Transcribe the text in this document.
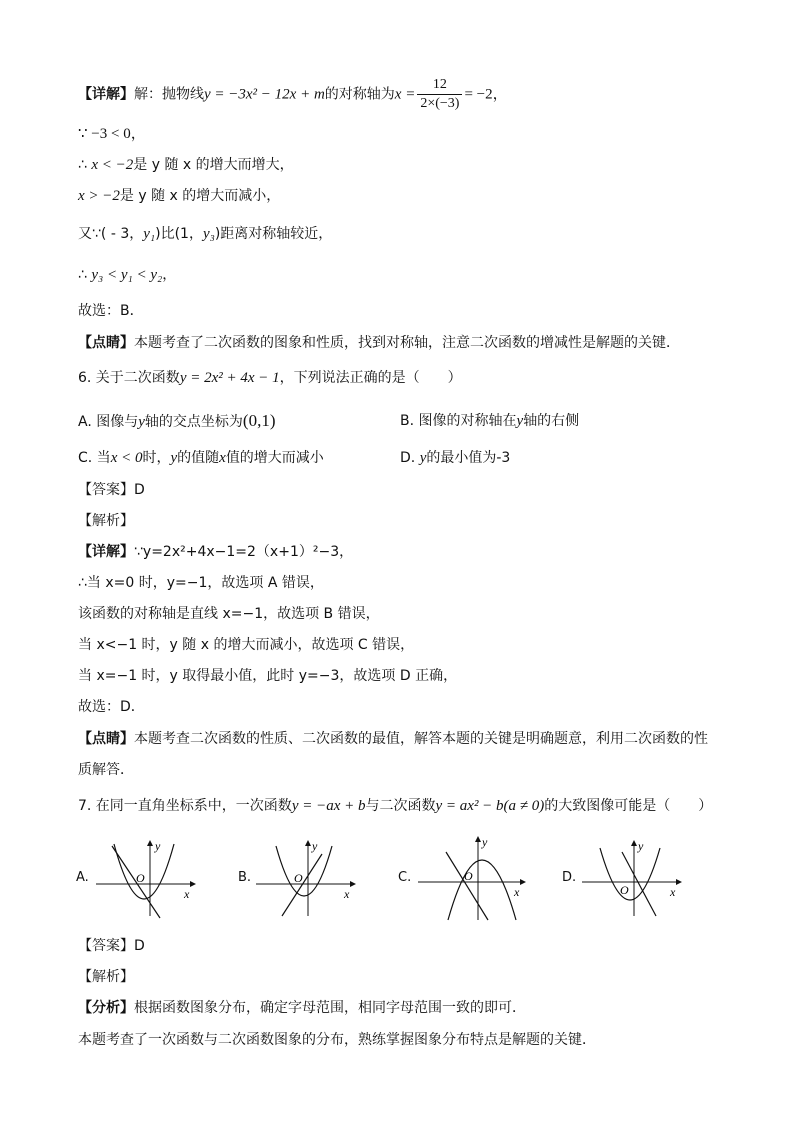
【详解】解：抛物线y = −3x² − 12x + m的对称轴为$x = \frac{12}{2\times(-3)} = -2$，
∵ −3 < 0，
∴ x < −2是 y 随 x 的增大而增大，
x > −2是 y 随 x 的增大而减小，
又∵( - 3，y₁)比(1，y₃)距离对称轴较近，
∴ y₃ < y₁ < y₂，
故选：B．
【点睛】本题考查了二次函数的图象和性质，找到对称轴，注意二次函数的增减性是解题的关键．
6. 关于二次函数y = 2x² + 4x − 1，下列说法正确的是（　　）
A. 图像与y轴的交点坐标为(0,1)	B. 图像的对称轴在y轴的右侧
C. 当x < 0时，y的值随x值的增大而减小	D. y的最小值为-3
【答案】D
【解析】
【详解】∵y=2x²+4x−1=2（x+1）²−3，
∴当 x=0 时，y=−1，故选项 A 错误，
该函数的对称轴是直线 x=−1，故选项 B 错误，
当 x<−1 时，y 随 x 的增大而减小，故选项 C 错误，
当 x=−1 时，y 取得最小值，此时 y=−3，故选项 D 正确，
故选：D．
【点睛】本题考查二次函数的性质、二次函数的最值，解答本题的关键是明确题意，利用二次函数的性
质解答．
7. 在同一直角坐标系中，一次函数y = −ax + b与二次函数y = ax² − b(a ≠ 0)的大致图像可能是（　　）
A.	O
x
y
B.	O
x
y
C.	O
x
y
D.
O	x
y
【答案】D
【解析】
【分析】根据函数图象分布，确定字母范围，相同字母范围一致的即可．
本题考查了一次函数与二次函数图象的分布，熟练掌握图象分布特点是解题的关键．
